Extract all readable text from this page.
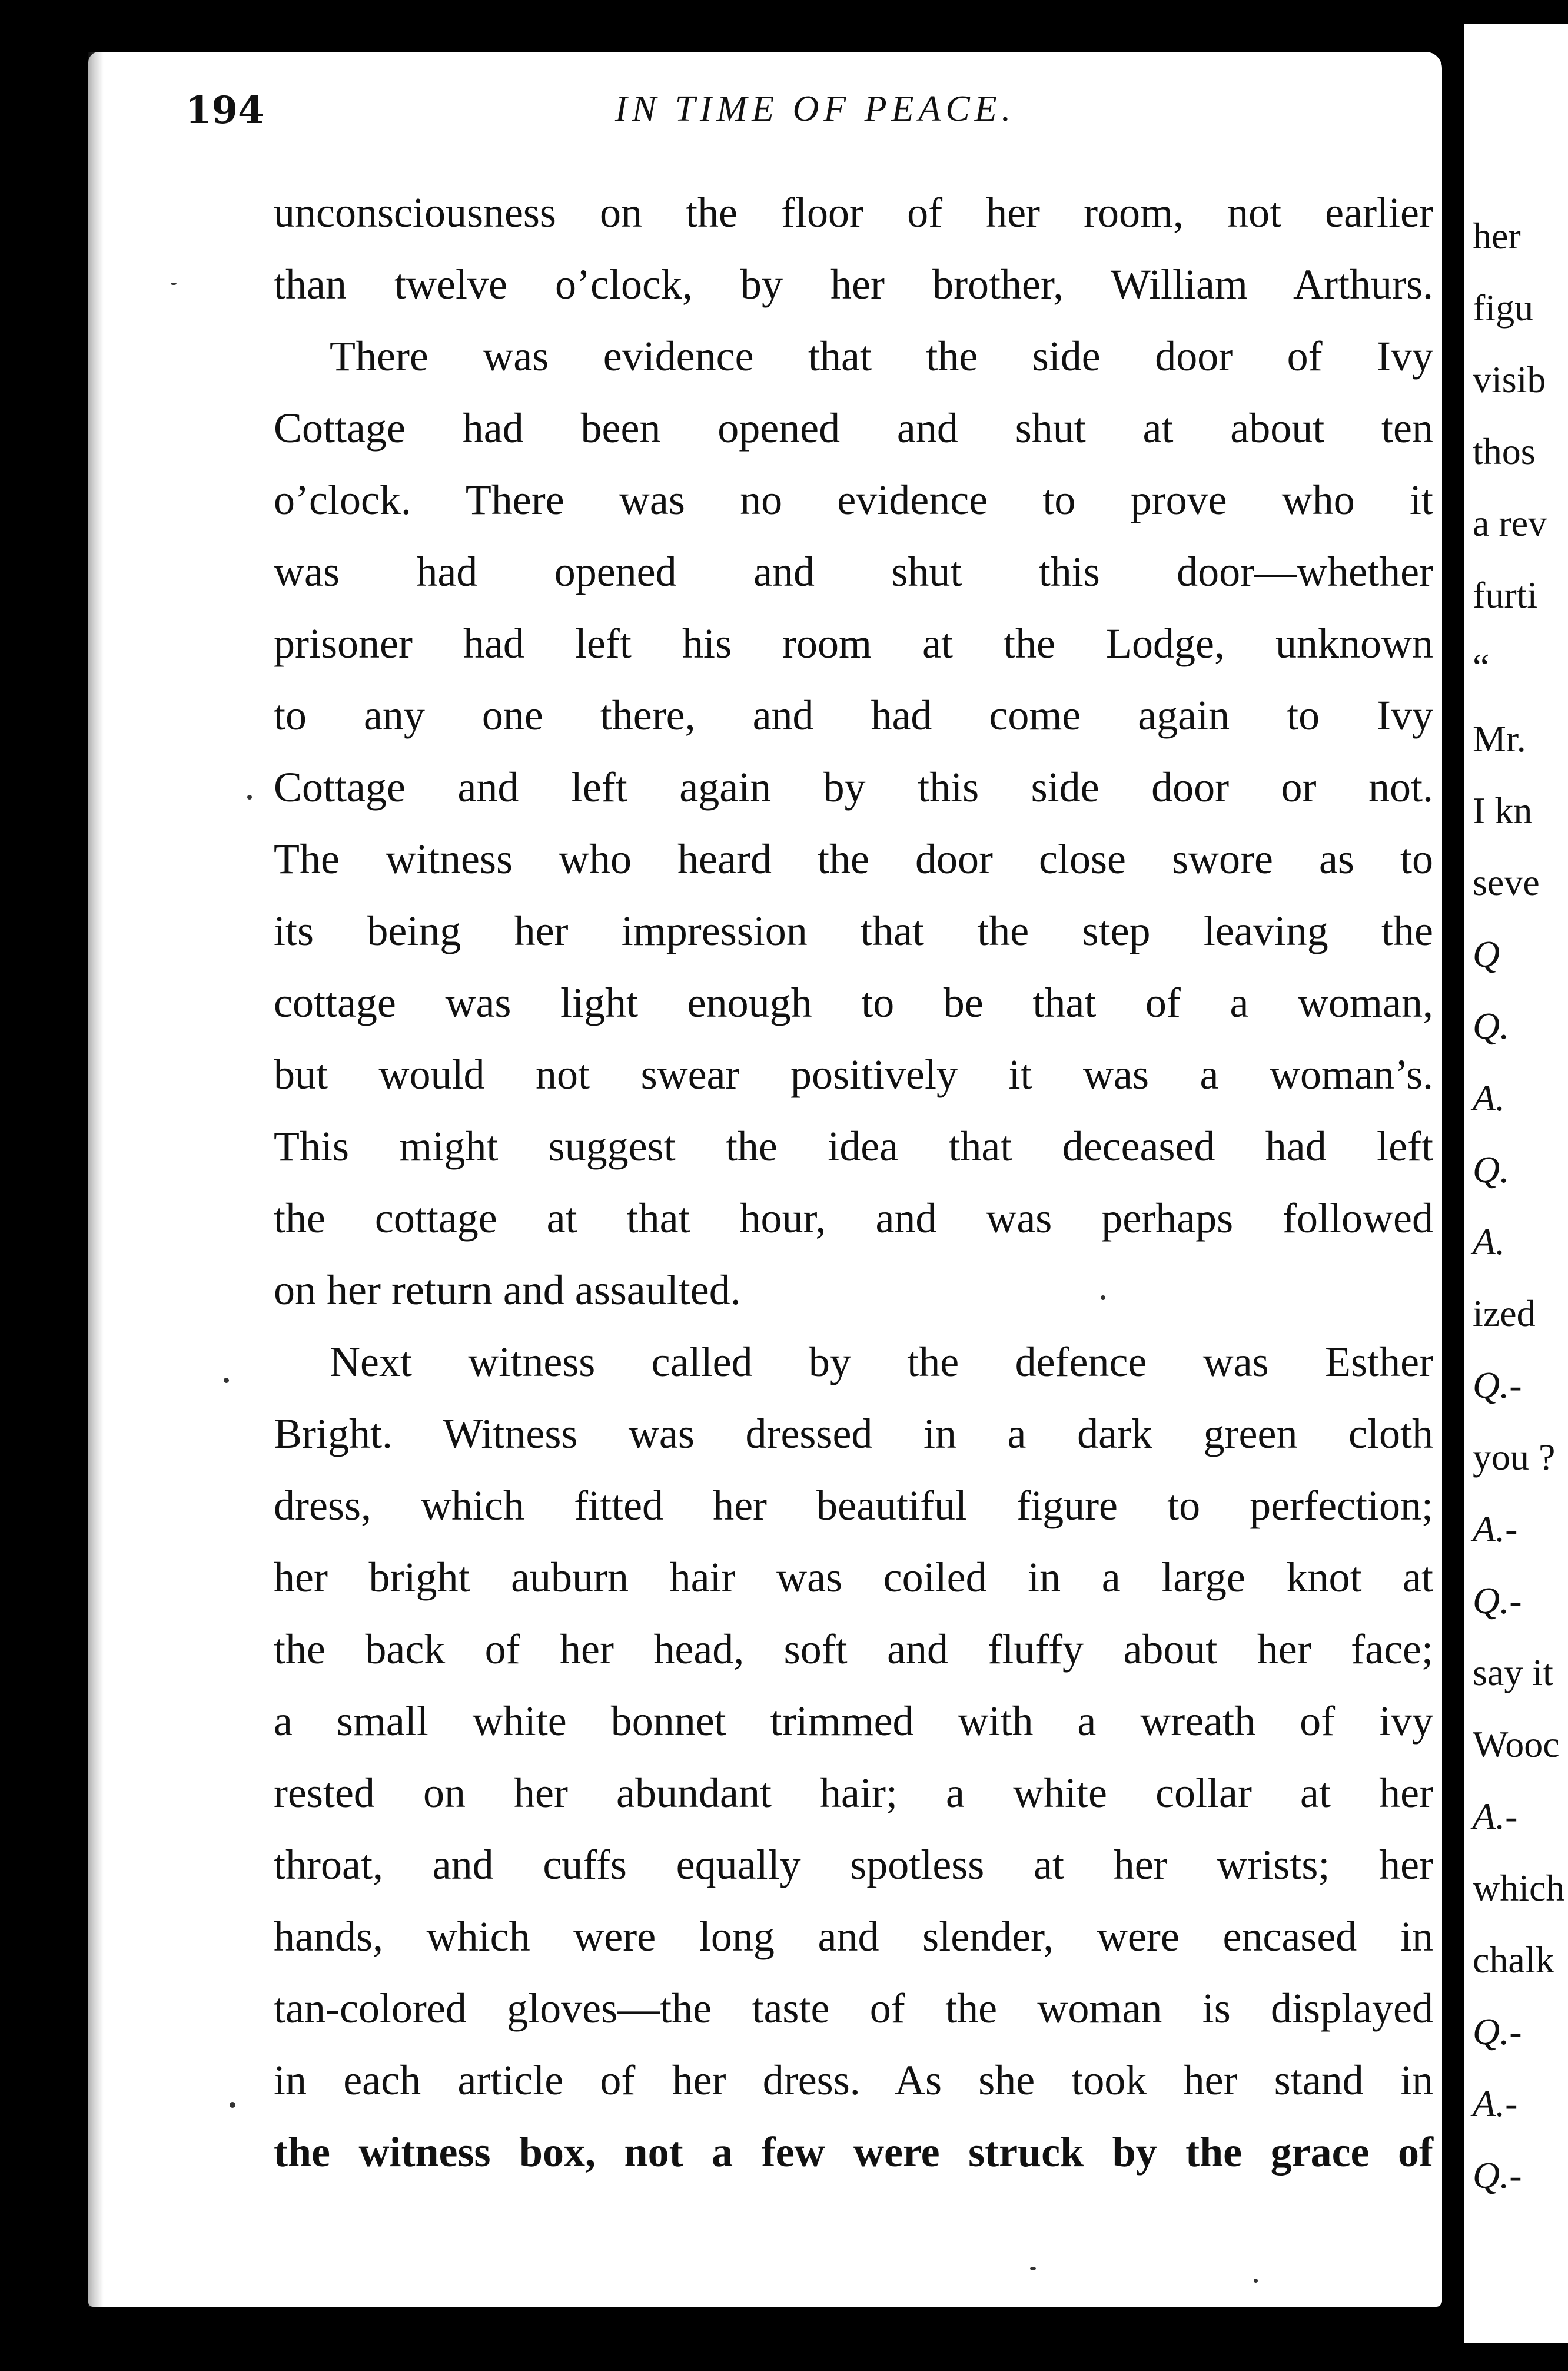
194	IN TIME OF PEACE.
unconsciousness on the floor of her room, not earlier
than twelve o’clock, by her brother, William Arthurs.
There was evidence that the side door of Ivy
Cottage had been opened and shut at about ten
o’clock. There was no evidence to prove who it
was had opened and shut this door—whether
prisoner had left his room at the Lodge, unknown
to any one there, and had come again to Ivy
Cottage and left again by this side door or not.
The witness who heard the door close swore as to
its being her impression that the step leaving the
cottage was light enough to be that of a woman,
but would not swear positively it was a woman’s.
This might suggest the idea that deceased had left
the cottage at that hour, and was perhaps followed
on her return and assaulted.
Next witness called by the defence was Esther
Bright. Witness was dressed in a dark green cloth
dress, which fitted her beautiful figure to perfection;
her bright auburn hair was coiled in a large knot at
the back of her head, soft and fluffy about her face;
a small white bonnet trimmed with a wreath of ivy
rested on her abundant hair; a white collar at her
throat, and cuffs equally spotless at her wrists; her
hands, which were long and slender, were encased in
tan-colored gloves—the taste of the woman is displayed
in each article of her dress. As she took her stand in
the witness box, not a few were struck by the grace of
her
figu
visib
thos
a rev
furti
“
Mr.
I kn
seve
Q
Q.
A.
Q.
A.
ized
Q.-
you ?
A.-
Q.-
say it
Wooc
A.-
which
chalk
Q.-
A.-
Q.-
